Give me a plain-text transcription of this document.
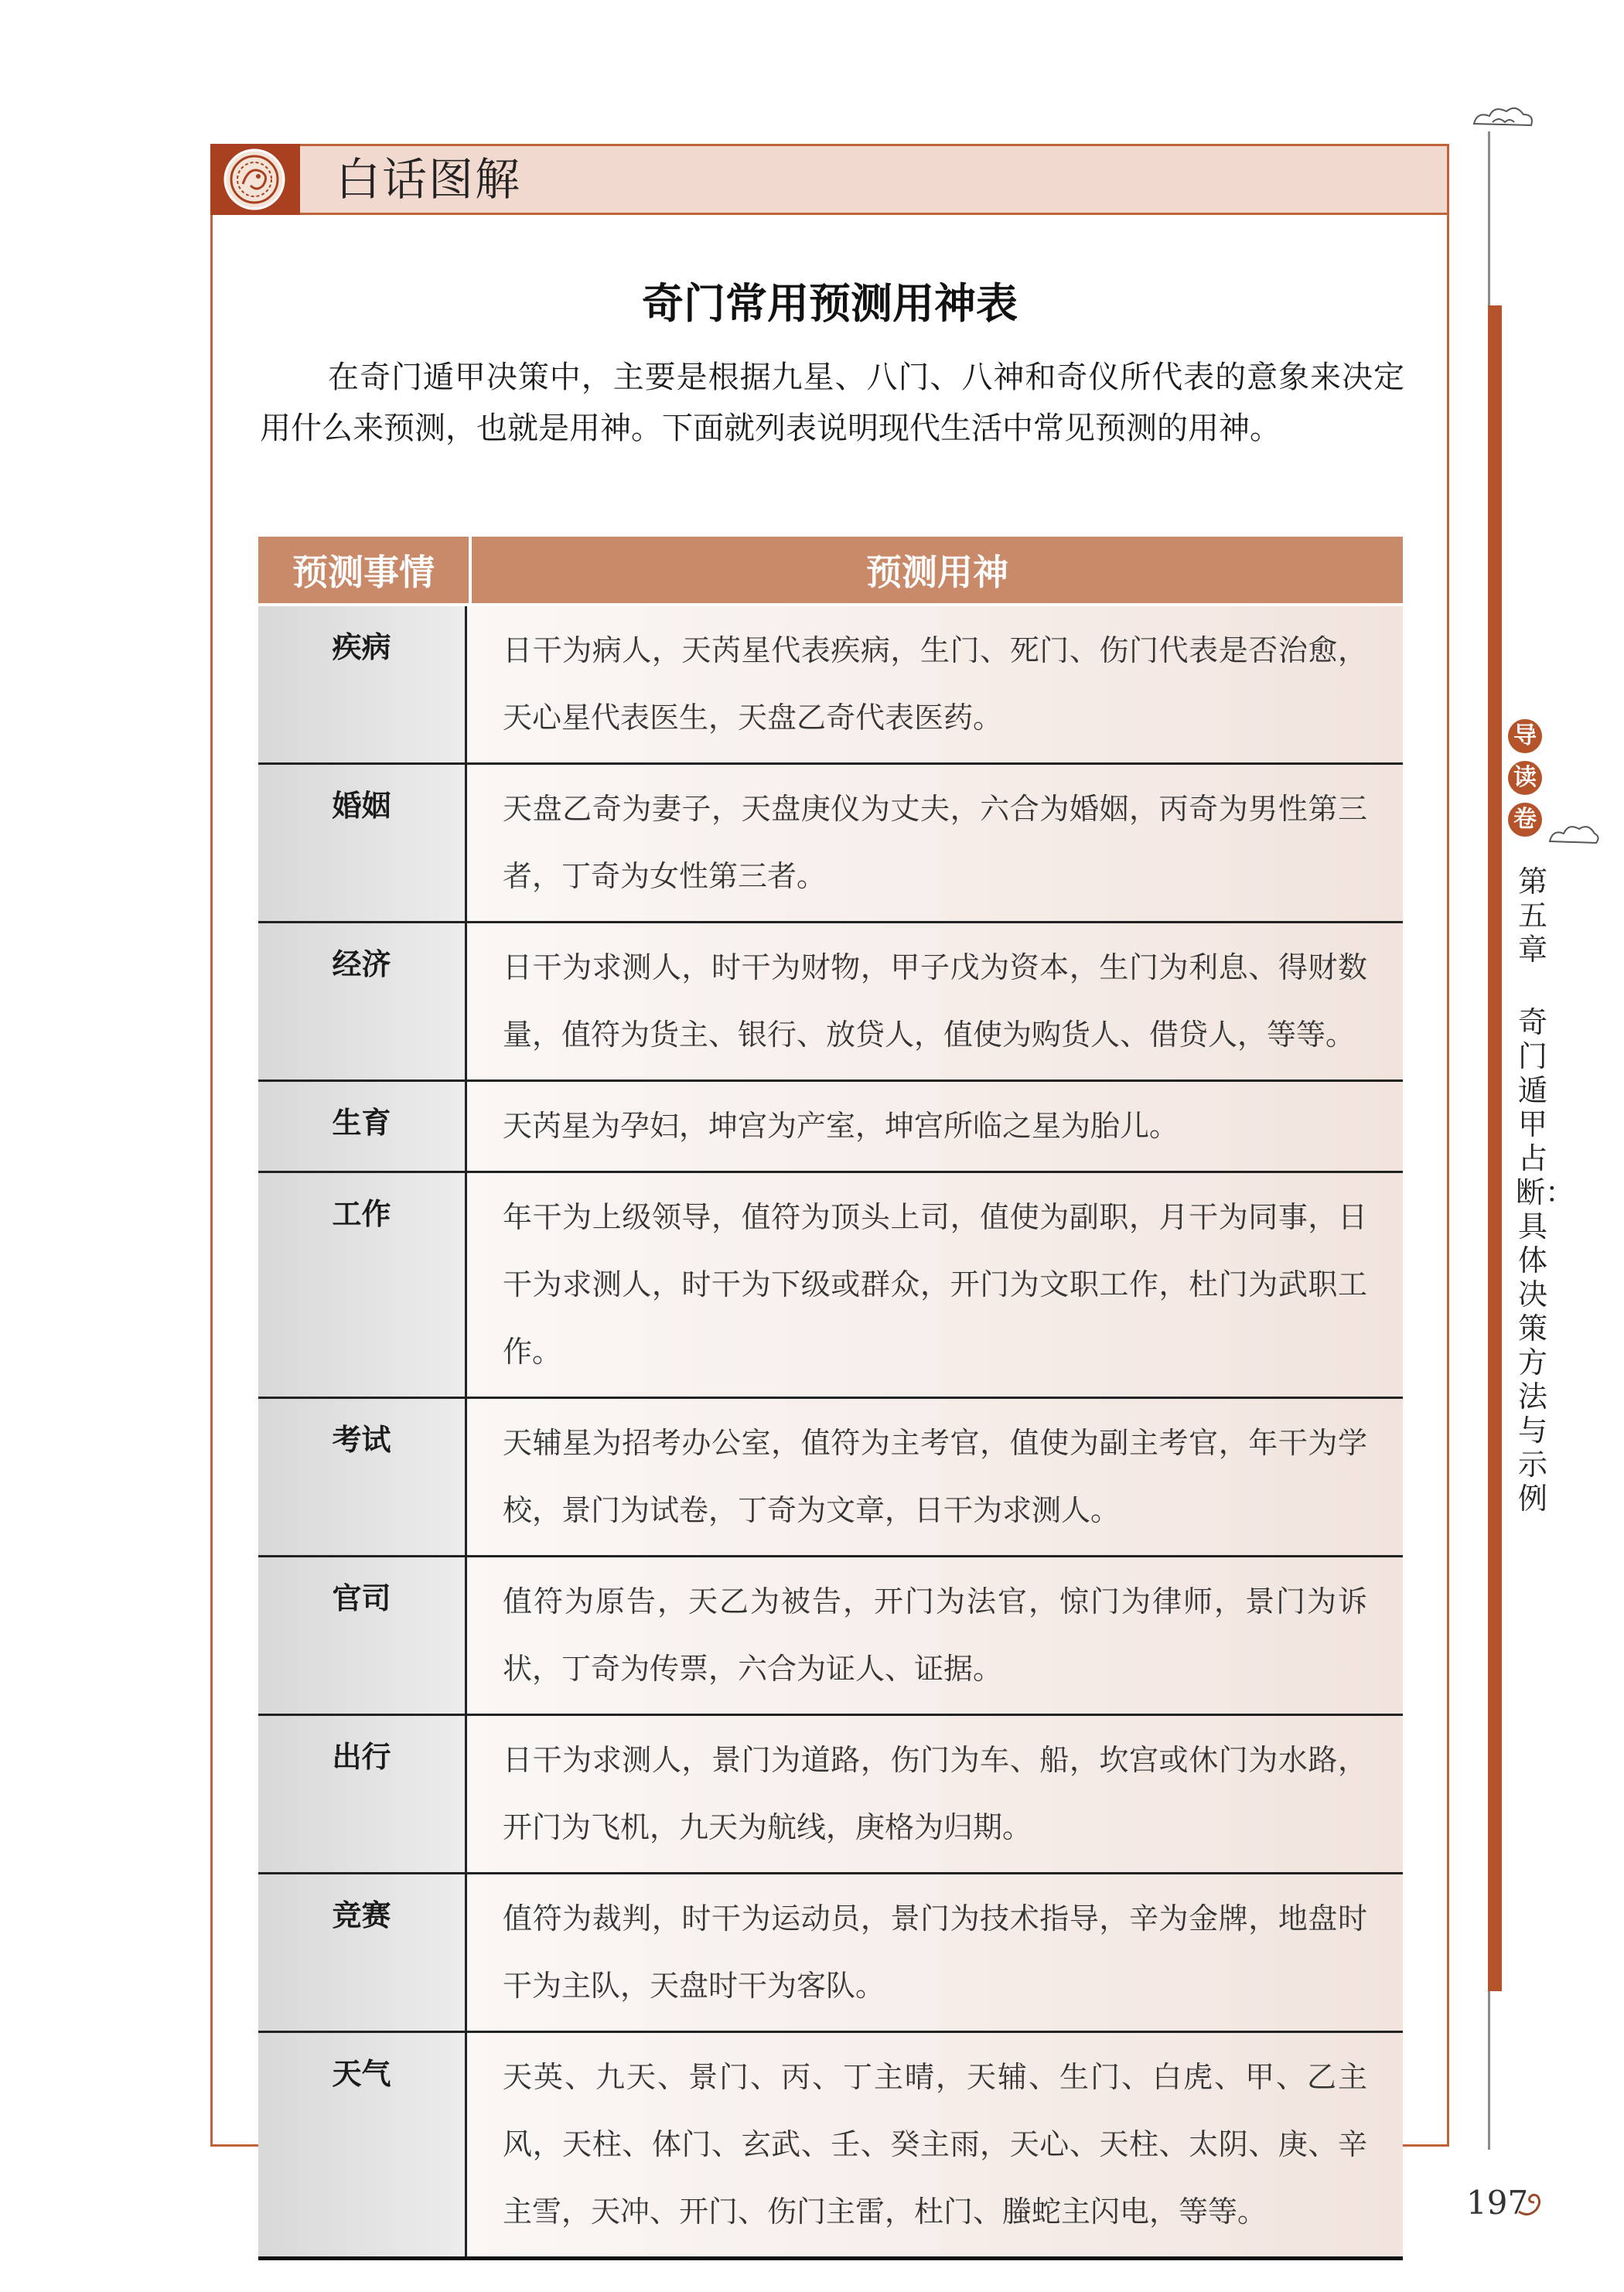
白话图解
奇门常用预测用神表
在奇门遁甲决策中，主要是根据九星、八门、八神和奇仪所代表的意象来决定用什么来预测，也就是用神。下面就列表说明现代生活中常见预测的用神。
预测事情	预测用神
疾病	日干为病人，天芮星代表疾病，生门、死门、伤门代表是否治愈，天心星代表医生，天盘乙奇代表医药。
婚姻	天盘乙奇为妻子，天盘庚仪为丈夫，六合为婚姻，丙奇为男性第三者，丁奇为女性第三者。
经济	日干为求测人，时干为财物，甲子戊为资本，生门为利息、得财数量，值符为货主、银行、放贷人，值使为购货人、借贷人，等等。
生育	天芮星为孕妇，坤宫为产室，坤宫所临之星为胎儿。
工作	年干为上级领导，值符为顶头上司，值使为副职，月干为同事，日干为求测人，时干为下级或群众，开门为文职工作，杜门为武职工作。
考试	天辅星为招考办公室，值符为主考官，值使为副主考官，年干为学校，景门为试卷，丁奇为文章，日干为求测人。
官司	值符为原告，天乙为被告，开门为法官，惊门为律师，景门为诉状，丁奇为传票，六合为证人、证据。
出行	日干为求测人，景门为道路，伤门为车、船，坎宫或休门为水路，开门为飞机，九天为航线，庚格为归期。
竞赛	值符为裁判，时干为运动员，景门为技术指导，辛为金牌，地盘时干为主队，天盘时干为客队。
天气	天英、九天、景门、丙、丁主晴，天辅、生门、白虎、甲、乙主风，天柱、体门、玄武、壬、癸主雨，天心、天柱、太阴、庚、辛主雪，天冲、开门、伤门主雷，杜门、螣蛇主闪电，等等。
导
读
卷
第五章
奇门遁甲占断：具体决策方法与示例
197
